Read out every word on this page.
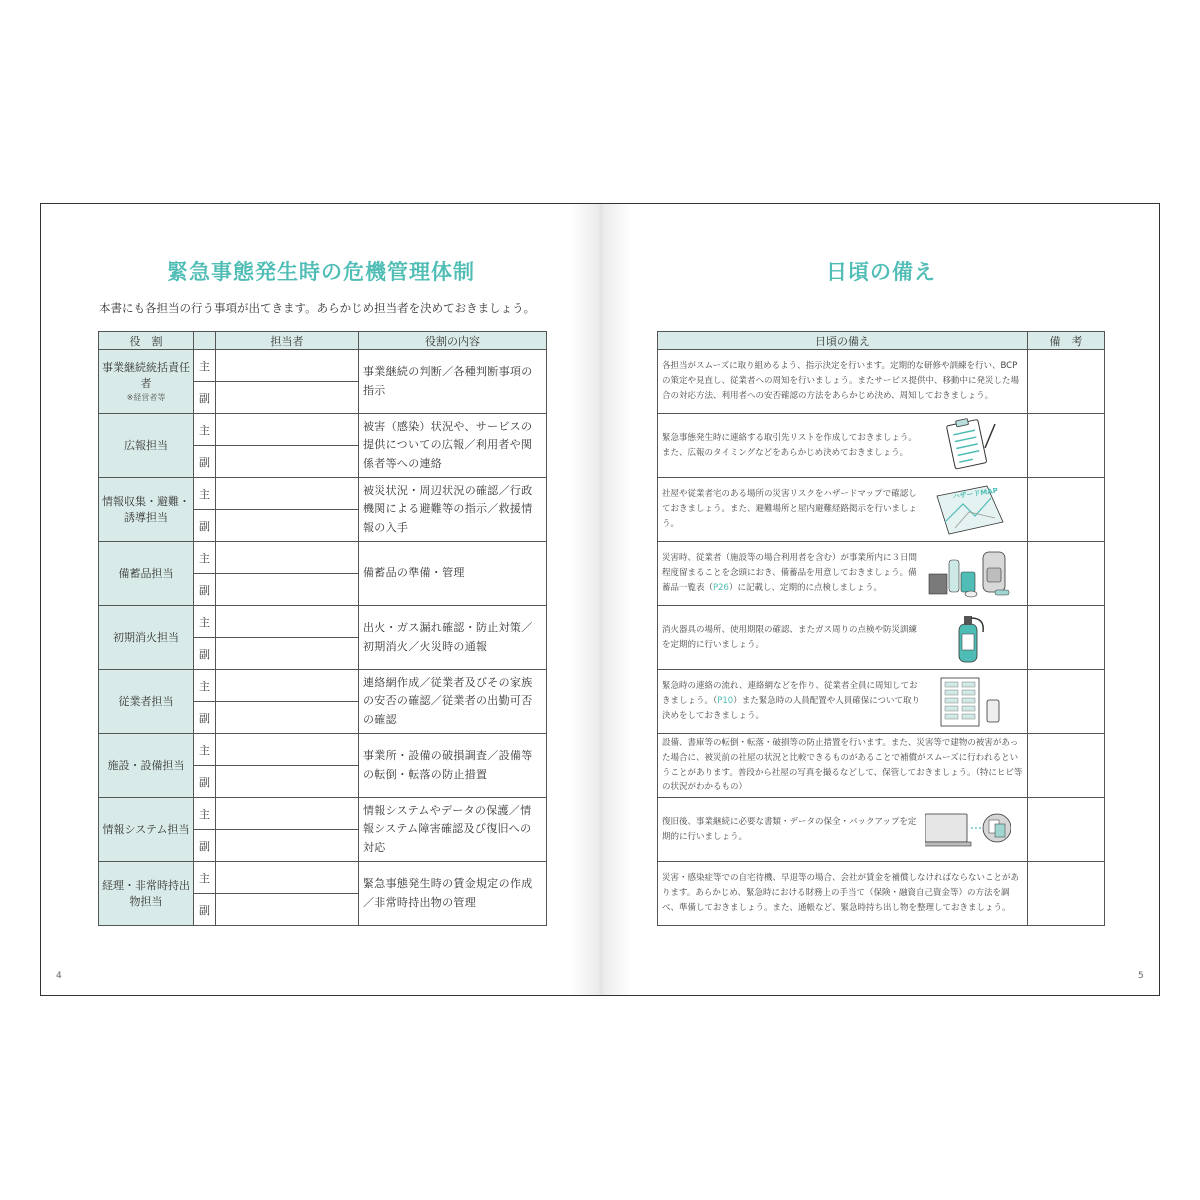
緊急事態発生時の危機管理体制

本書にも各担当の行う事項が出てきます。あらかじめ担当者を決めておきましょう。

役　割		担当者	役割の内容
事業継続統括責任者
※経営者等	主		事業継続の判断／各種判断事項の指示
	副		
広報担当	主		被害（感染）状況や、サービスの提供についての広報／利用者や関係者等への連絡
	副		
情報収集・避難・誘導担当	主		被災状況・周辺状況の確認／行政機関による避難等の指示／救援情報の入手
	副		
備蓄品担当	主		備蓄品の準備・管理
	副		
初期消火担当	主		出火・ガス漏れ確認・防止対策／初期消火／火災時の通報
	副		
従業者担当	主		連絡網作成／従業者及びその家族の安否の確認／従業者の出勤可否の確認
	副		
施設・設備担当	主		事業所・設備の破損調査／設備等の転倒・転落の防止措置
	副		
情報システム担当	主		情報システムやデータの保護／情報システム障害確認及び復旧への対応
	副		
経理・非常時持出物担当	主		緊急事態発生時の賃金規定の作成／非常時持出物の管理
	副		
4
日頃の備え
日頃の備え	備　考

各担当がスムーズに取り組めるよう、指示決定を行います。定期的な研修や訓練を行い、BCP の策定や見直し、従業者への周知を行いましょう。またサービス提供中、移動中に発災した場合の対応方法、利用者への安否確認の方法をあらかじめ決め、周知しておきましょう。	

緊急事態発生時に連絡する取引先リストを作成しておきましょう。また、広報のタイミングなどをあらかじめ決めておきましょう。	

社屋や従業者宅のある場所の災害リスクをハザードマップで確認しておきましょう。また、避難場所と屋内避難経路掲示を行いましょう。
ハザードMAP	

災害時、従業者（施設等の場合利用者を含む）が事業所内に３日間程度留まることを念頭におき、備蓄品を用意しておきましょう。備蓄品一覧表（P26）に記載し、定期的に点検しましょう。	

消火器具の場所、使用期限の確認、またガス周りの点検や防災訓練を定期的に行いましょう。	

緊急時の連絡の流れ、連絡網などを作り、従業者全員に周知しておきましょう。（P10）また緊急時の人員配置や人員確保について取り決めをしておきましょう。	

設備、書庫等の転倒・転落・破損等の防止措置を行います。また、災害等で建物の被害があった場合に、被災前の社屋の状況と比較できるものがあることで補償がスムーズに行われるということがあります。普段から社屋の写真を撮るなどして、保管しておきましょう。（特にヒビ等の状況がわかるもの）	

復旧後、事業継続に必要な書類・データの保全・バックアップを定期的に行いましょう。	

災害・感染症等での自宅待機、早退等の場合、会社が賃金を補償しなければならないことがあります。あらかじめ、緊急時における財務上の手当て（保険・融資自己資金等）の方法を調べ、準備しておきましょう。また、通帳など、緊急時持ち出し物を整理しておきましょう。	

5
